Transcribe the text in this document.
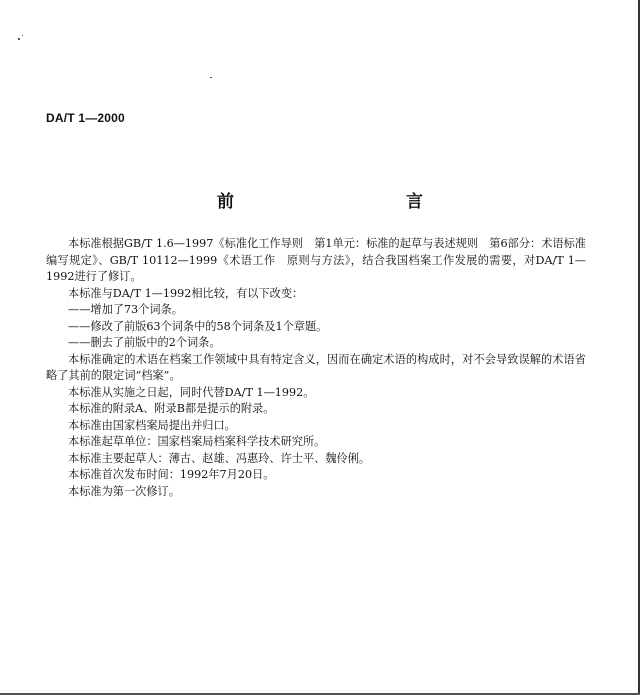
DA/T 1—2000

前　　言

本标准根据GB/T 1.6—1997《标准化工作导则　第1单元：标准的起草与表述规则　第6部分：术语标准编写规定》、GB/T 10112—1999《术语工作　原则与方法》，结合我国档案工作发展的需要，对DA/T 1—1992进行了修订。

本标准与DA/T 1—1992相比较，有以下改变：

——增加了73个词条。

——修改了前版63个词条中的58个词条及1个章题。

——删去了前版中的2个词条。

本标准确定的术语在档案工作领域中具有特定含义，因而在确定术语的构成时，对不会导致误解的术语省略了其前的限定词“档案”。

本标准从实施之日起，同时代替DA/T 1—1992。

本标准的附录A、附录B都是提示的附录。

本标准由国家档案局提出并归口。

本标准起草单位：国家档案局档案科学技术研究所。

本标准主要起草人：薄古、赵雄、冯惠玲、许士平、魏伶俐。

本标准首次发布时间：1992年7月20日。

本标准为第一次修订。
